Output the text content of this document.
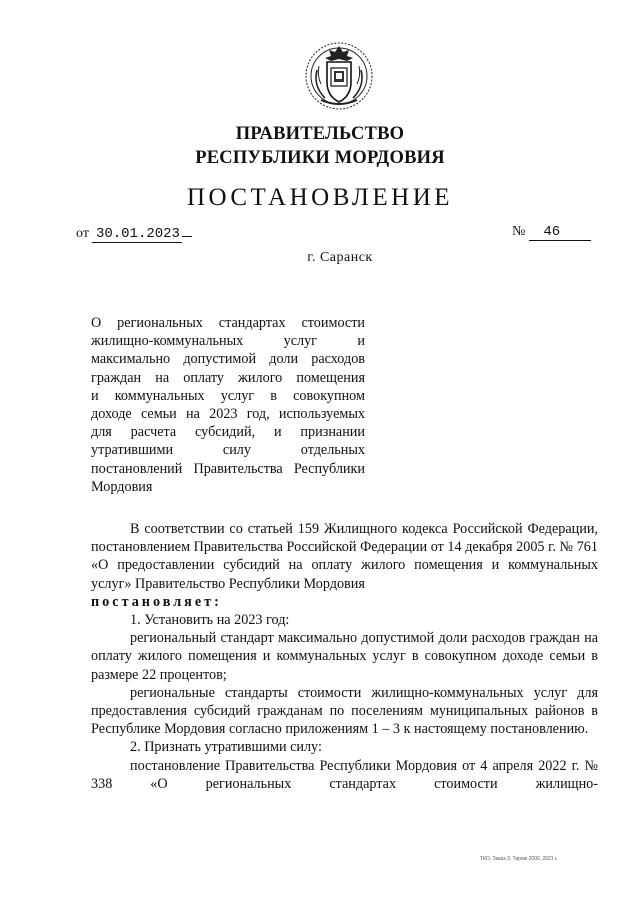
ПРАВИТЕЛЬСТВО
РЕСПУБЛИКИ МОРДОВИЯ
ПОСТАНОВЛЕНИЕ
от 30.01.2023	№ 46
г. Саранск
О региональных стандартах стоимости
жилищно-коммунальных услуг и
максимально допустимой доли расходов
граждан на оплату жилого помещения
и коммунальных услуг в совокупном
доходе семьи на 2023 год, используемых
для расчета субсидий, и признании
утратившими силу отдельных
постановлений Правительства Республики
Мордовия

В соответствии со статьей 159 Жилищного кодекса Российской Федерации, постановлением Правительства Российской Федерации от 14 декабря 2005 г. № 761 «О предоставлении субсидий на оплату жилого помещения и коммунальных услуг» Правительство Республики Мордовия

постановляет:

1. Установить на 2023 год:

региональный стандарт максимально допустимой доли расходов граждан на оплату жилого помещения и коммунальных услуг в совокупном доходе семьи в размере 22 процентов;

региональные стандарты стоимости жилищно-коммунальных услуг для предоставления субсидий гражданам по поселениям муниципальных районов в Республике Мордовия согласно приложениям 1 – 3 к настоящему постановлению.

2. Признать утратившими силу:

постановление Правительства Республики Мордовия от 4 апреля 2022 г. № 338 «О региональных стандартах стоимости жилищно-

ТКО, Заказ 3, Тираж 2000, 2021 г.
